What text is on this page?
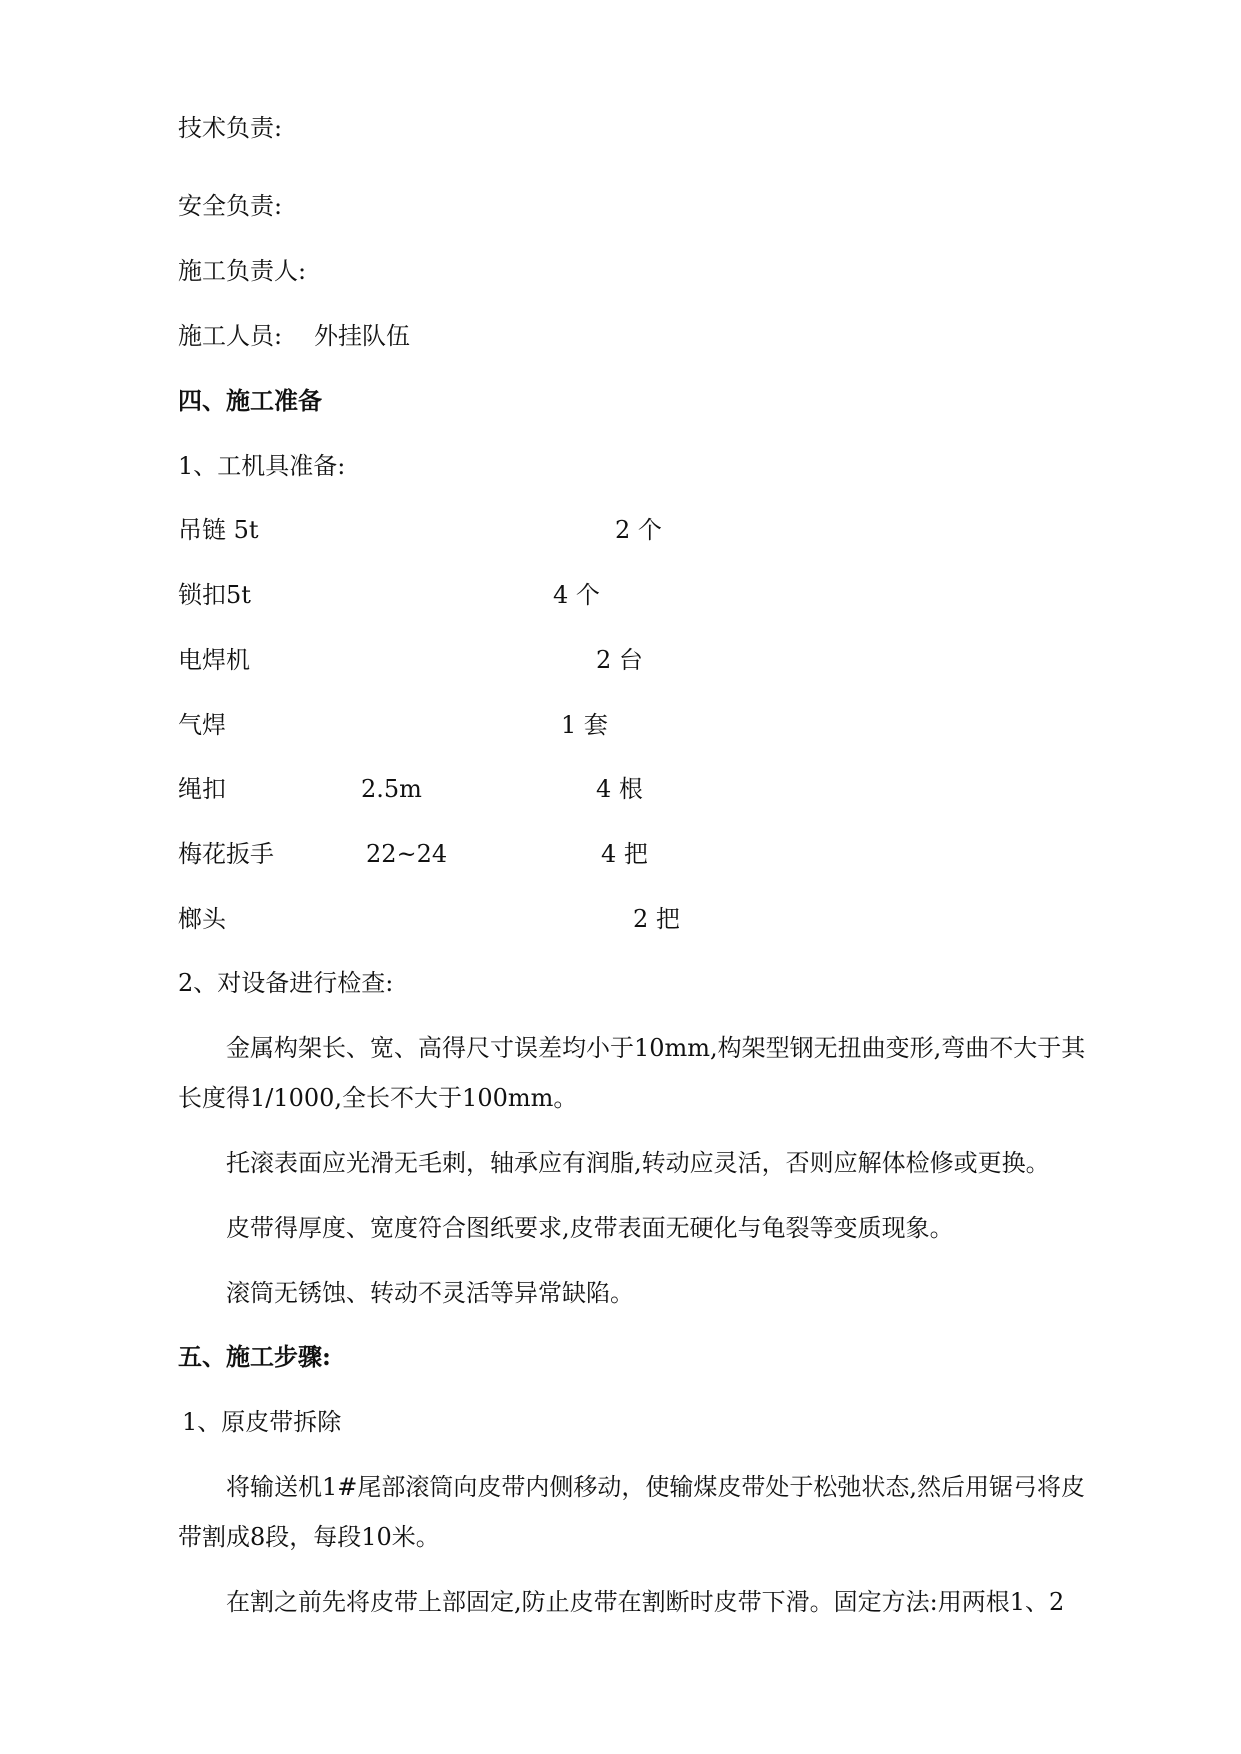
技术负责:
安全负责:
施工负责人:
施工人员: 外挂队伍
四、施工准备
1、工机具准备:
吊链 5t	2 个
锁扣5t	4 个
电焊机	2 台
气焊	1 套
绳扣	2.5m	4 根
梅花扳手	22~24	4 把
榔头	2 把
2、对设备进行检查:
金属构架长、宽、高得尺寸误差均小于10mm,构架型钢无扭曲变形,弯曲不大于其
长度得1/1000,全长不大于100mm。
托滚表面应光滑无毛刺，轴承应有润脂,转动应灵活，否则应解体检修或更换。
皮带得厚度、宽度符合图纸要求,皮带表面无硬化与龟裂等变质现象。
滚筒无锈蚀、转动不灵活等异常缺陷。
五、施工步骤:
1、原皮带拆除
将输送机1#尾部滚筒向皮带内侧移动，使输煤皮带处于松弛状态,然后用锯弓将皮
带割成8段，每段10米。
在割之前先将皮带上部固定,防止皮带在割断时皮带下滑。固定方法:用两根1、2
